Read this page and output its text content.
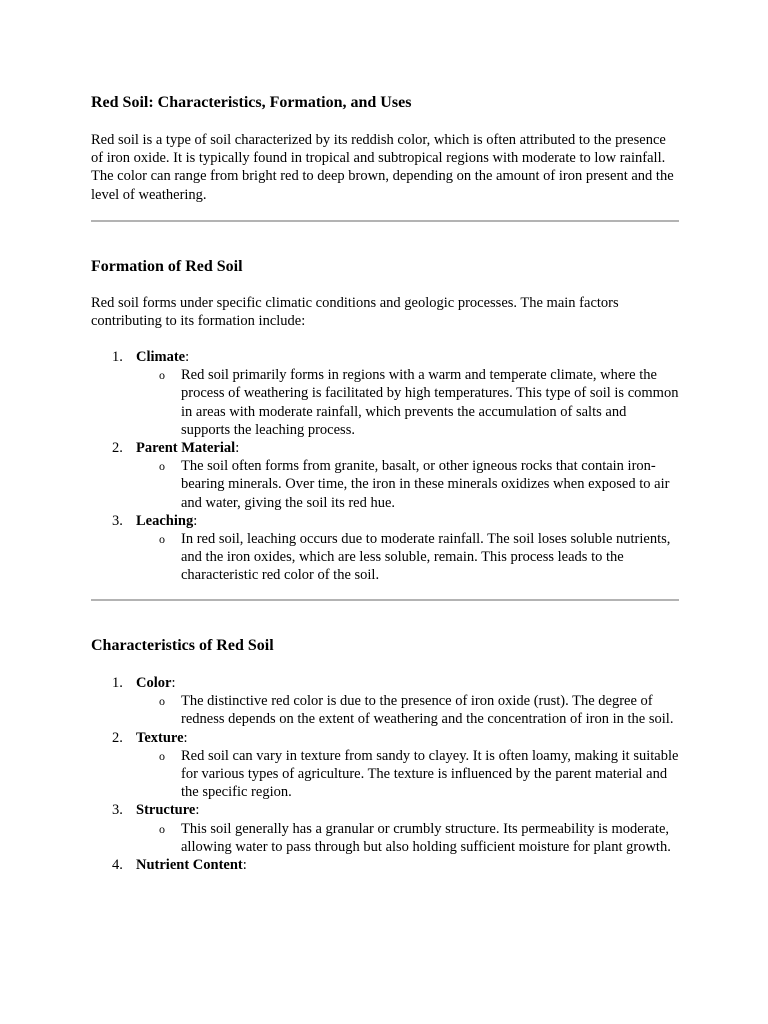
Red Soil: Characteristics, Formation, and Uses

Red soil is a type of soil characterized by its reddish color, which is often attributed to the presence of iron oxide. It is typically found in tropical and subtropical regions with moderate to low rainfall. The color can range from bright red to deep brown, depending on the amount of iron present and the level of weathering.

Formation of Red Soil

Red soil forms under specific climatic conditions and geologic processes. The main factors contributing to its formation include:

1. Climate:
o Red soil primarily forms in regions with a warm and temperate climate, where the process of weathering is facilitated by high temperatures. This type of soil is common in areas with moderate rainfall, which prevents the accumulation of salts and supports the leaching process.
2. Parent Material:
o The soil often forms from granite, basalt, or other igneous rocks that contain iron-bearing minerals. Over time, the iron in these minerals oxidizes when exposed to air and water, giving the soil its red hue.
3. Leaching:
o In red soil, leaching occurs due to moderate rainfall. The soil loses soluble nutrients, and the iron oxides, which are less soluble, remain. This process leads to the characteristic red color of the soil.
Characteristics of Red Soil
1. Color:
o The distinctive red color is due to the presence of iron oxide (rust). The degree of redness depends on the extent of weathering and the concentration of iron in the soil.
2. Texture:
o Red soil can vary in texture from sandy to clayey. It is often loamy, making it suitable for various types of agriculture. The texture is influenced by the parent material and the specific region.
3. Structure:
o This soil generally has a granular or crumbly structure. Its permeability is moderate, allowing water to pass through but also holding sufficient moisture for plant growth.
4. Nutrient Content:
